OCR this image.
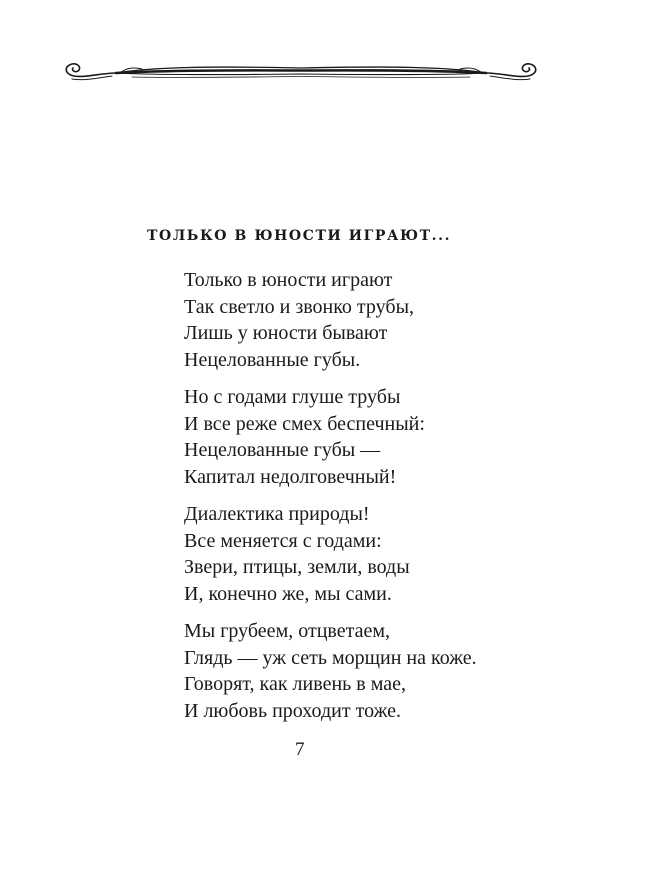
ТОЛЬКО В ЮНОСТИ ИГРАЮТ...
Только в юности играют
Так светло и звонко трубы,
Лишь у юности бывают
Нецелованные губы.
Но с годами глуше трубы
И все реже смех беспечный:
Нецелованные губы —
Капитал недолговечный!
Диалектика природы!
Все меняется с годами:
Звери, птицы, земли, воды
И, конечно же, мы сами.
Мы грубеем, отцветаем,
Глядь — уж сеть морщин на коже.
Говорят, как ливень в мае,
И любовь проходит тоже.
7
